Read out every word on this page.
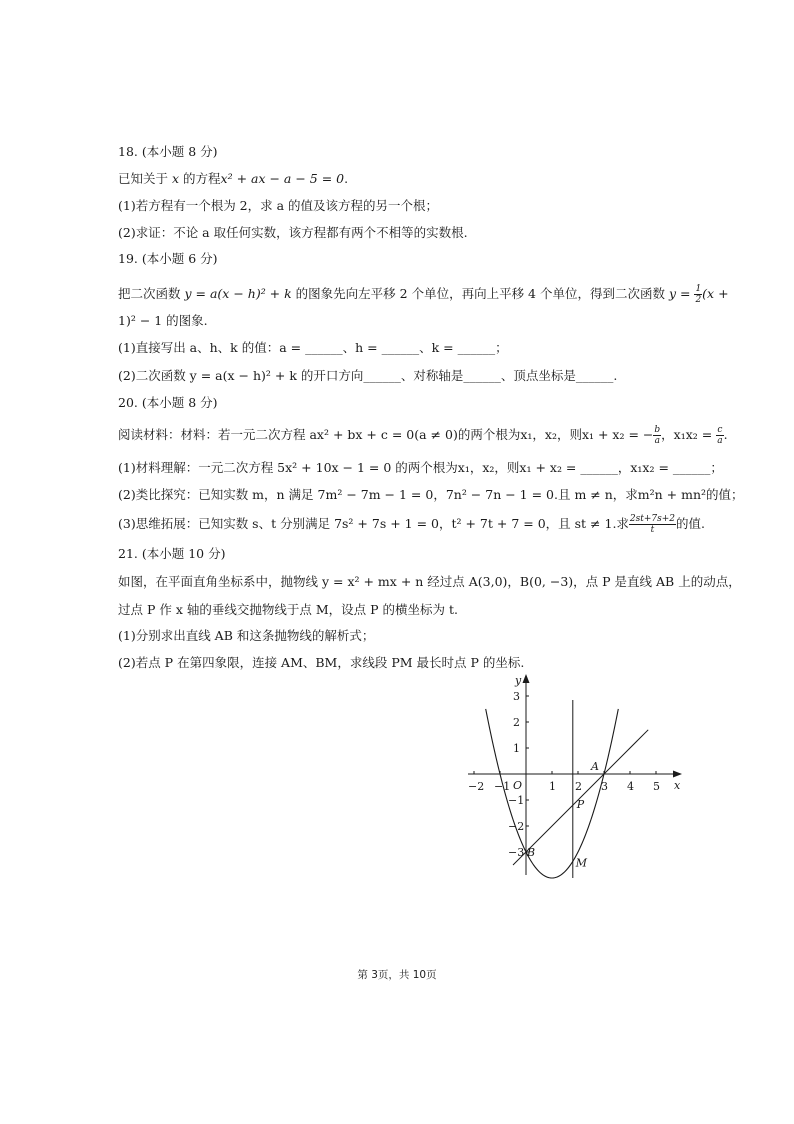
18. (本小题 8 分)
已知关于 x 的方程x² + ax − a − 5 = 0.
(1)若方程有一个根为 2，求 a 的值及该方程的另一个根；
(2)求证：不论 a 取任何实数，该方程都有两个不相等的实数根.
19. (本小题 6 分)
把二次函数 y = a(x − h)² + k 的图象先向左平移 2 个单位，再向上平移 4 个单位，得到二次函数 $y = \frac{1}{2} (x$ +
1)² − 1 的图象.
(1)直接写出 a、h、k 的值：a = ______、h = ______、k = ______；
(2)二次函数 y = a(x − h)² + k 的开口方向______、对称轴是______、顶点坐标是______.
20. (本小题 8 分)
阅读材料：材料：若一元二次方程 ax² + bx + c = 0(a ≠ 0)的两个根为x₁，x₂，则x₁ + x₂ = − $\frac{b}{a}$ ，$x_1x_2 = \frac{c}{a}$ .
(1)材料理解：一元二次方程 5x² + 10x − 1 = 0 的两个根为x₁，x₂，则x₁ + x₂ = ______，x₁x₂ = ______；
(2)类比探究：已知实数 m，n 满足 7m² − 7m − 1 = 0，7n² − 7n − 1 = 0.且 m ≠ n，求m²n + mn²的值；
(3)思维拓展：已知实数 s、t 分别满足 7s² + 7s + 1 = 0，t² + 7t + 7 = 0，且 st ≠ 1.求 $\frac{2st+7s+2}{t}$ 的值.
21. (本小题 10 分)
如图，在平面直角坐标系中，抛物线 y = x² + mx + n 经过点 A(3,0)，B(0, −3)，点 P 是直线 AB 上的动点，
过点 P 作 x 轴的垂线交抛物线于点 M，设点 P 的横坐标为 t.
(1)分别求出直线 AB 和这条抛物线的解析式；
(2)若点 P 在第四象限，连接 AM、BM，求线段 PM 最长时点 P 的坐标.
−2 −1	1 2 3 4 5
3
2
1
−1
−2
−3
x
y
O
A
B
P
M
第 3页，共 10页
